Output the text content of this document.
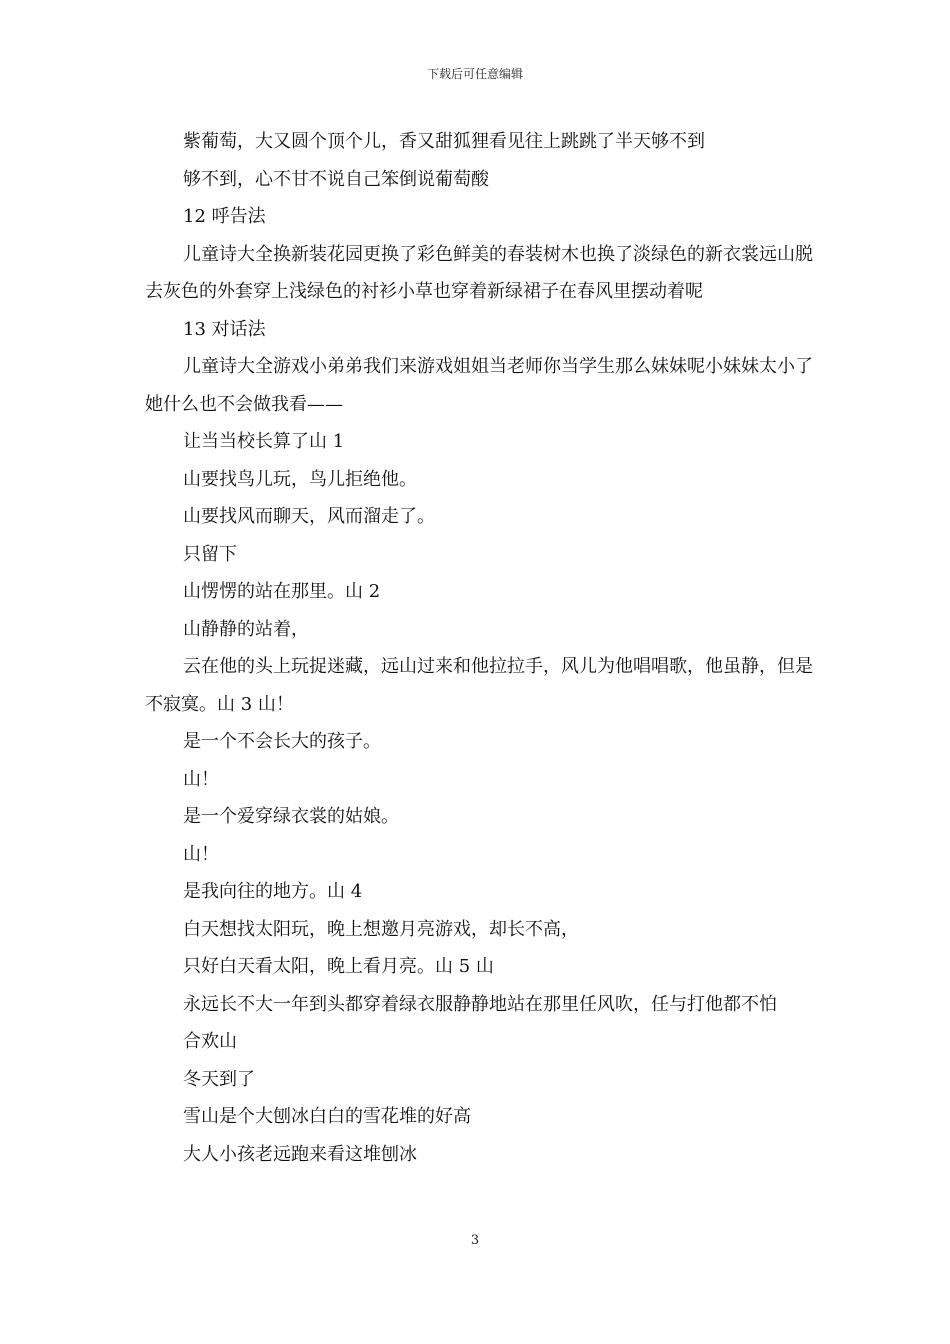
下载后可任意编辑

紫葡萄，大又圆个顶个儿，香又甜狐狸看见往上跳跳了半天够不到

够不到，心不甘不说自己笨倒说葡萄酸

12 呼告法

儿童诗大全换新装花园更换了彩色鲜美的春装树木也换了淡绿色的新衣裳远山脱去灰色的外套穿上浅绿色的衬衫小草也穿着新绿裙子在春风里摆动着呢

13 对话法

儿童诗大全游戏小弟弟我们来游戏姐姐当老师你当学生那么妹妹呢小妹妹太小了她什么也不会做我看——

让当当校长算了山 1

山要找鸟儿玩，鸟儿拒绝他。

山要找风而聊天，风而溜走了。

只留下

山愣愣的站在那里。山 2

山静静的站着，

云在他的头上玩捉迷藏，远山过来和他拉拉手，风儿为他唱唱歌，他虽静，但是不寂寞。山 3 山！

是一个不会长大的孩子。

山！

是一个爱穿绿衣裳的姑娘。

山！

是我向往的地方。山 4

白天想找太阳玩，晚上想邀月亮游戏，却长不高，

只好白天看太阳，晚上看月亮。山 5 山

永远长不大一年到头都穿着绿衣服静静地站在那里任风吹，任与打他都不怕

合欢山

冬天到了

雪山是个大刨冰白白的雪花堆的好高

大人小孩老远跑来看这堆刨冰

3
